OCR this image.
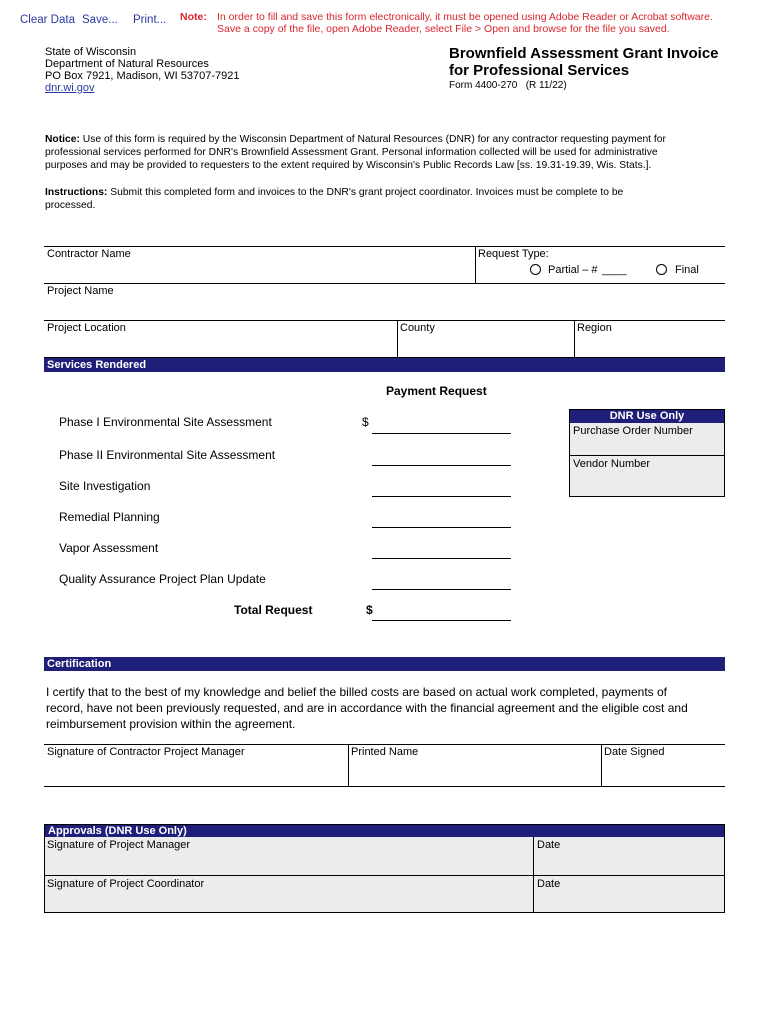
Clear Data Save... Print... Note: In order to fill and save this form electronically, it must be opened using Adobe Reader or Acrobat software.
Save a copy of the file, open Adobe Reader, select File > Open and browse for the file you saved.
State of Wisconsin
Department of Natural Resources
PO Box 7921, Madison, WI 53707-7921
dnr.wi.gov
Brownfield Assessment Grant Invoice
for Professional Services
Form 4400-270   (R 11/22)
Notice: Use of this form is required by the Wisconsin Department of Natural Resources (DNR) for any contractor requesting payment for
professional services performed for DNR's Brownfield Assessment Grant. Personal information collected will be used for administrative
purposes and may be provided to requesters to the extent required by Wisconsin's Public Records Law [ss. 19.31-19.39, Wis. Stats.].
Instructions: Submit this completed form and invoices to the DNR's grant project coordinator. Invoices must be complete to be
processed.
Contractor Name	Request Type:
Partial – # ____	Final
Project Name
Project Location	County	Region
Services Rendered
Payment Request
Phase I Environmental Site Assessment
Phase II Environmental Site Assessment
Site Investigation
Remedial Planning
Vapor Assessment
Quality Assurance Project Plan Update
Total Request
$
$
DNR Use Only
Purchase Order Number
Vendor Number
Certification
I certify that to the best of my knowledge and belief the billed costs are based on actual work completed, payments of
record, have not been previously requested, and are in accordance with the financial agreement and the eligible cost and
reimbursement provision within the agreement.
Signature of Contractor Project Manager	Printed Name	Date Signed
Approvals (DNR Use Only)
Signature of Project Manager	Date
Signature of Project Coordinator	Date
